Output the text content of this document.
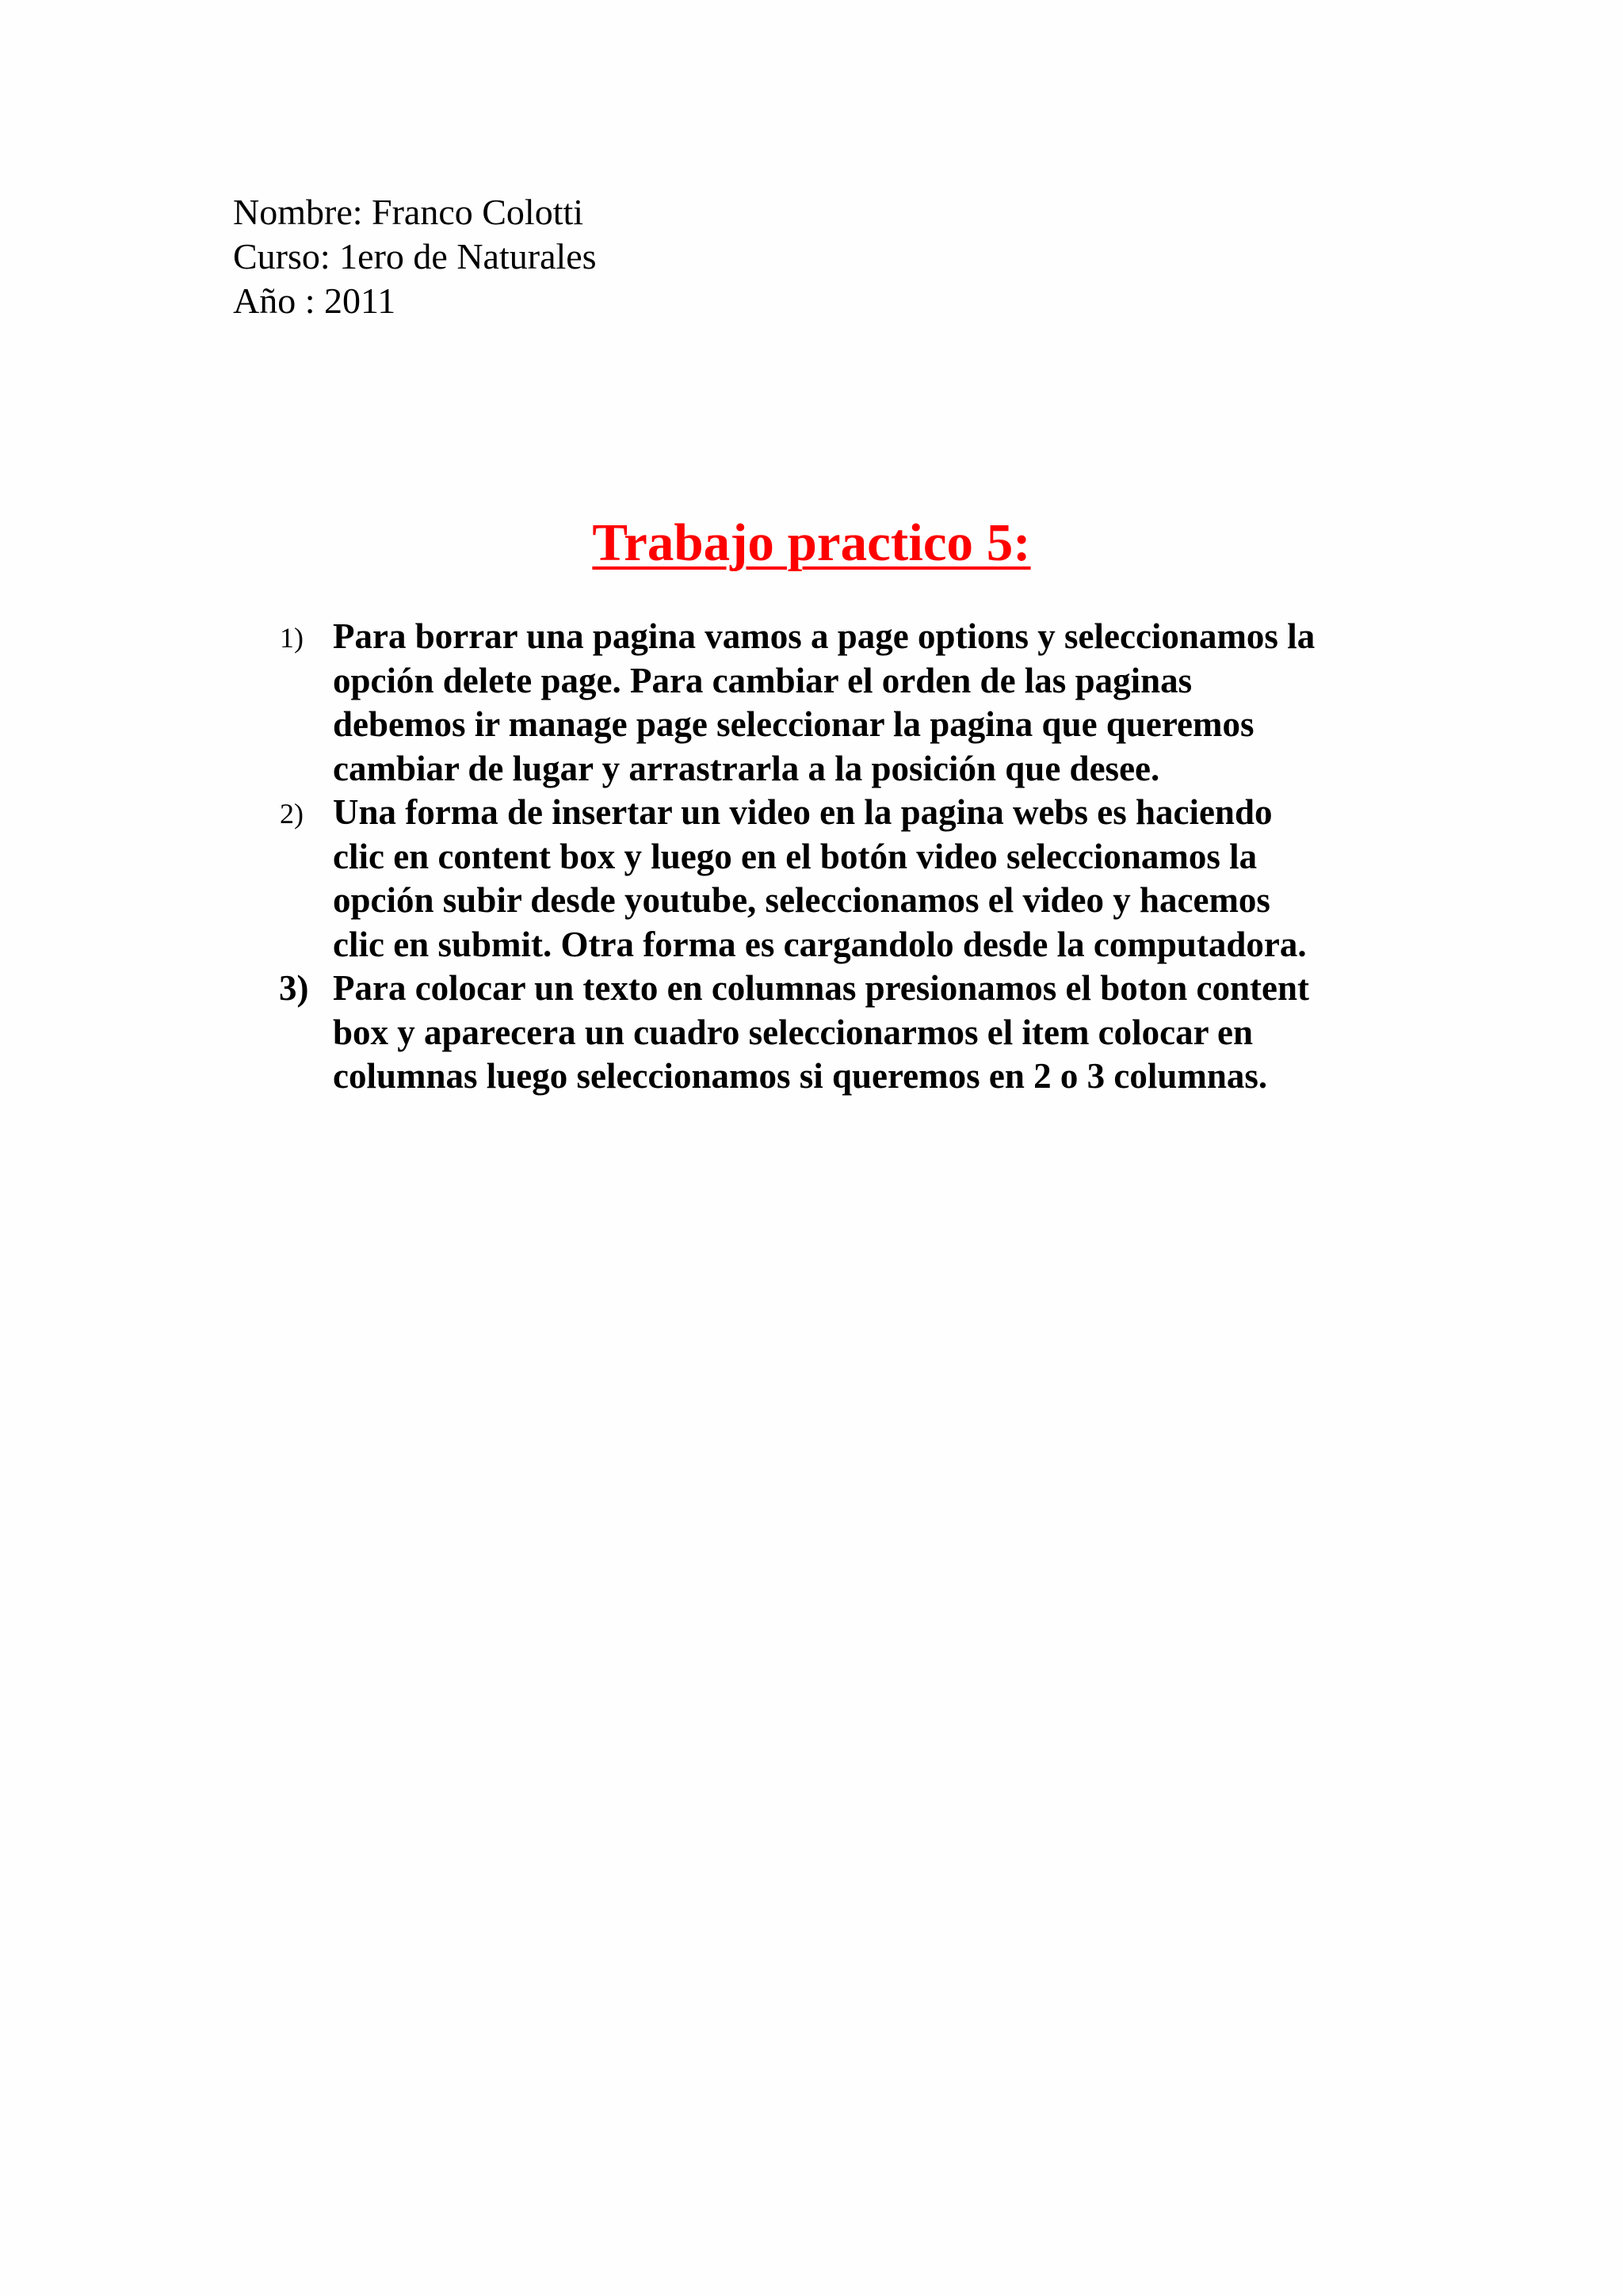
Nombre: Franco Colotti
Curso: 1ero de Naturales
Año : 2011
Trabajo practico 5:
1) Para borrar una pagina vamos a page options y seleccionamos la
opción delete page. Para cambiar el orden de las paginas
debemos ir manage page seleccionar la pagina que queremos
cambiar de lugar y arrastrarla a la posición que desee.
2) Una forma de insertar un video en la pagina webs es haciendo
clic en content box y luego en el botón video seleccionamos la
opción subir desde youtube, seleccionamos el video y hacemos
clic en submit. Otra forma es cargandolo desde la computadora.
3) Para colocar un texto en columnas presionamos el boton content
box y aparecera un cuadro seleccionarmos el item colocar en
columnas luego seleccionamos si queremos en 2 o 3 columnas.
